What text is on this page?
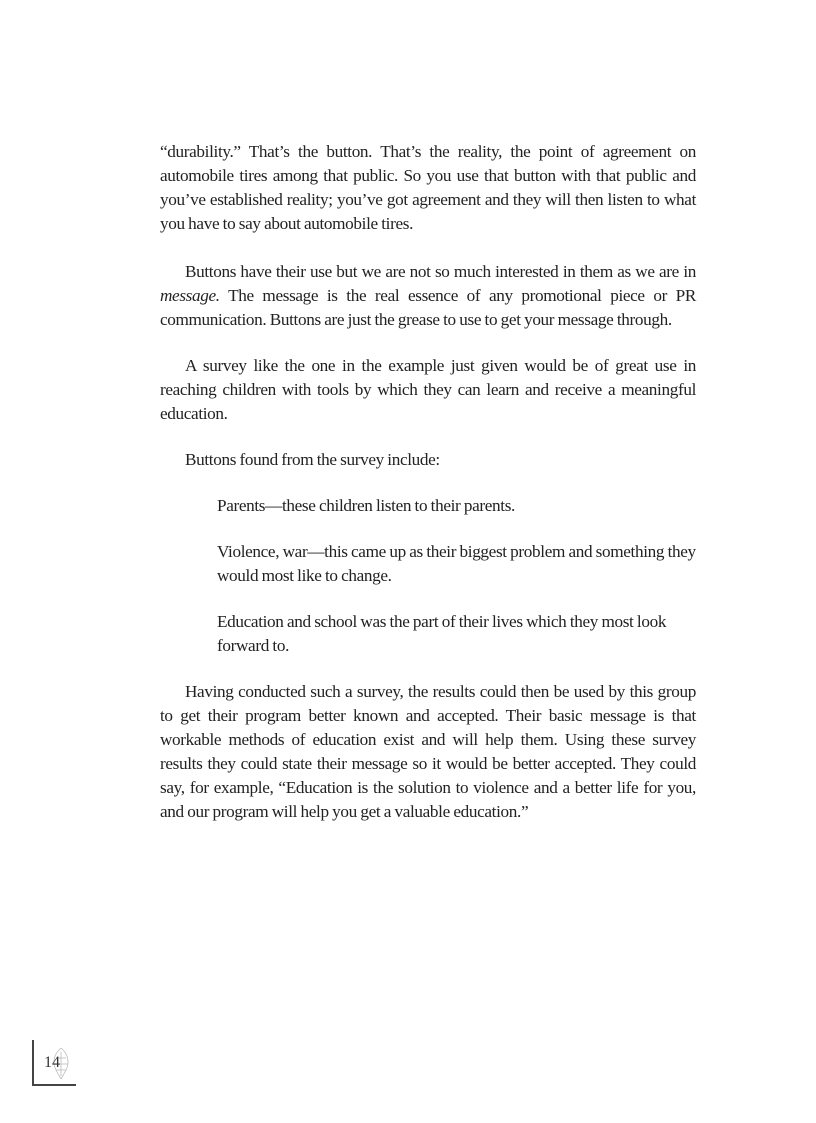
“durability.” That’s the button. That’s the reality, the point of agreement on automobile tires among that public. So you use that button with that public and you’ve established reality; you’ve got agreement and they will then listen to what you have to say about automobile tires.

Buttons have their use but we are not so much interested in them as we are in message. The message is the real essence of any promotional piece or PR communication. Buttons are just the grease to use to get your message through.

A survey like the one in the example just given would be of great use in reaching children with tools by which they can learn and receive a meaningful education.

Buttons found from the survey include:

Parents—these children listen to their parents.

Violence, war—this came up as their biggest problem and something they would most like to change.

Education and school was the part of their lives which they most look forward to.

Having conducted such a survey, the results could then be used by this group to get their program better known and accepted. Their basic message is that workable methods of education exist and will help them. Using these survey results they could state their message so it would be better accepted. They could say, for example, “Education is the solution to violence and a better life for you, and our program will help you get a valuable education.”

14
